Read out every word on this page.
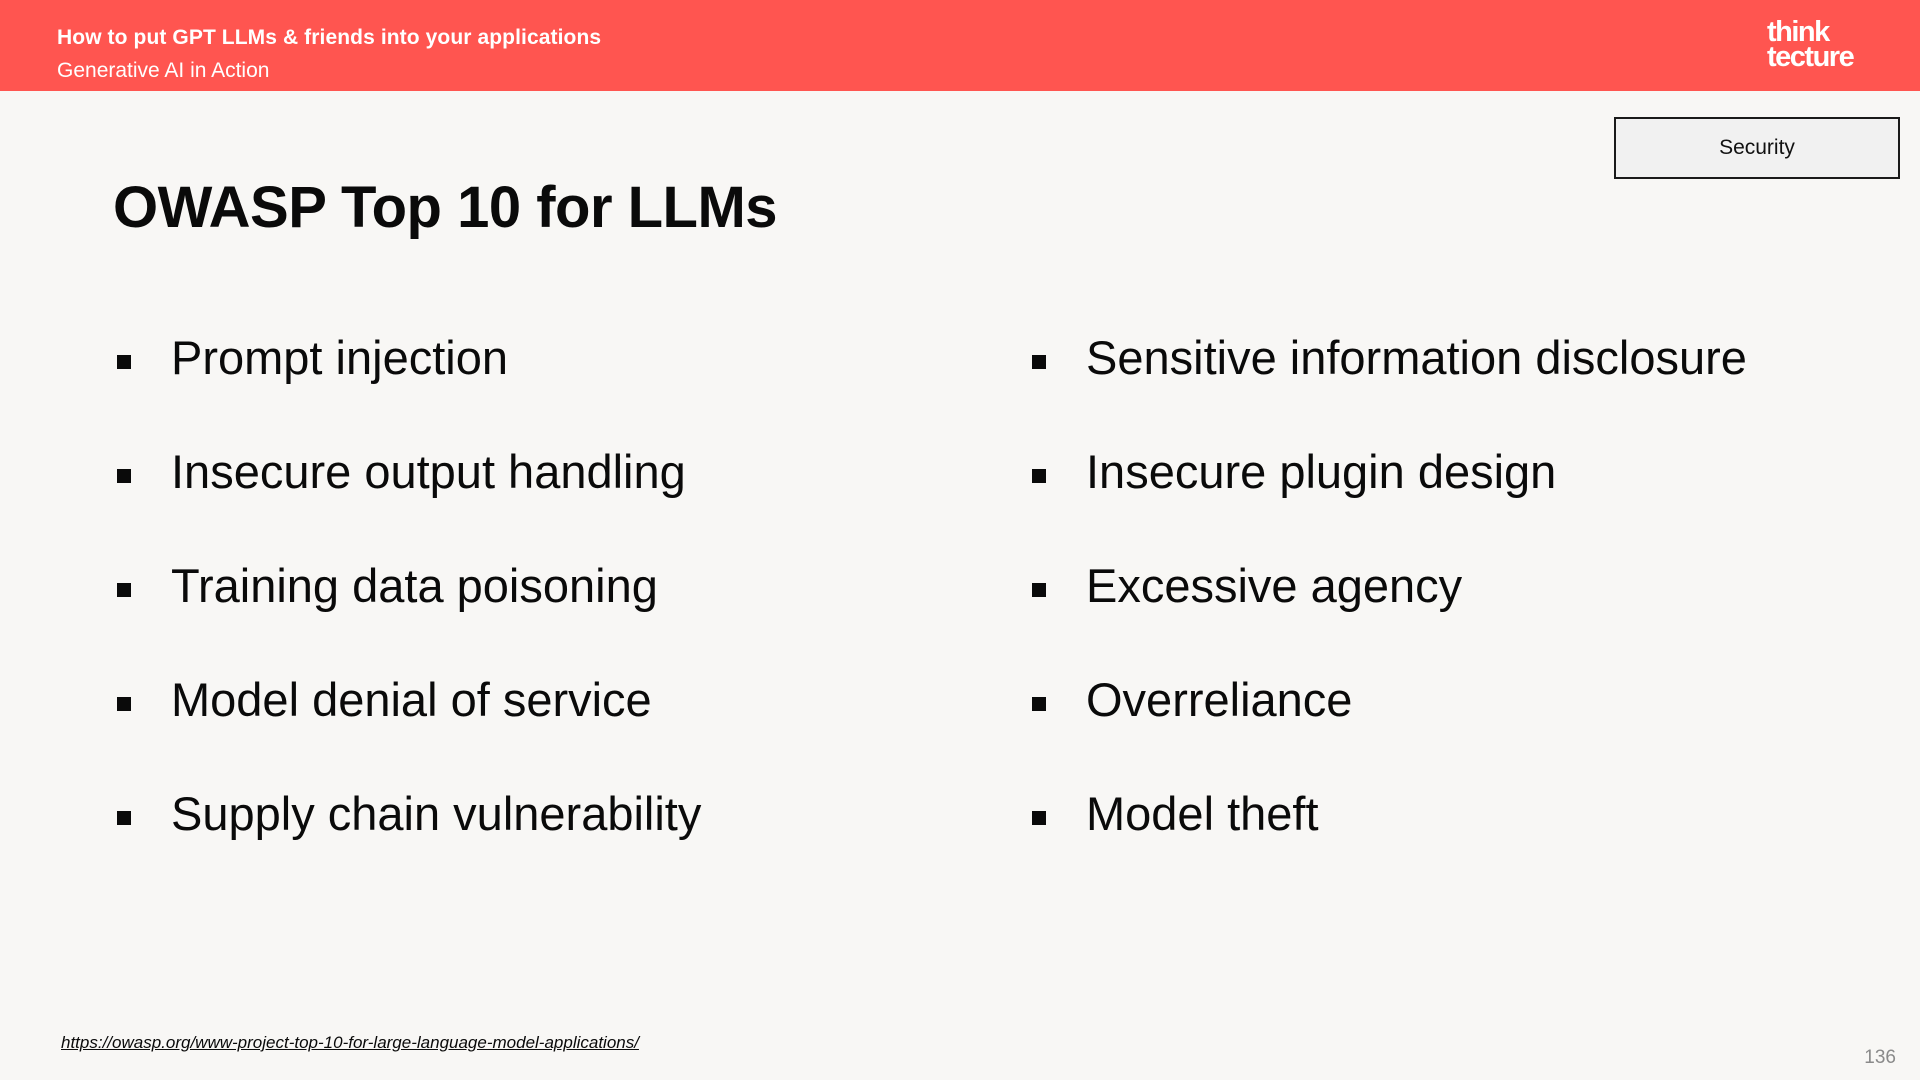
How to put GPT LLMs & friends into your applications
Generative AI in Action
think
tecture
Security
OWASP Top 10 for LLMs
Prompt injection
Insecure output handling
Training data poisoning
Model denial of service
Supply chain vulnerability
Sensitive information disclosure
Insecure plugin design
Excessive agency
Overreliance
Model theft
https://owasp.org/www-project-top-10-for-large-language-model-applications/
136
